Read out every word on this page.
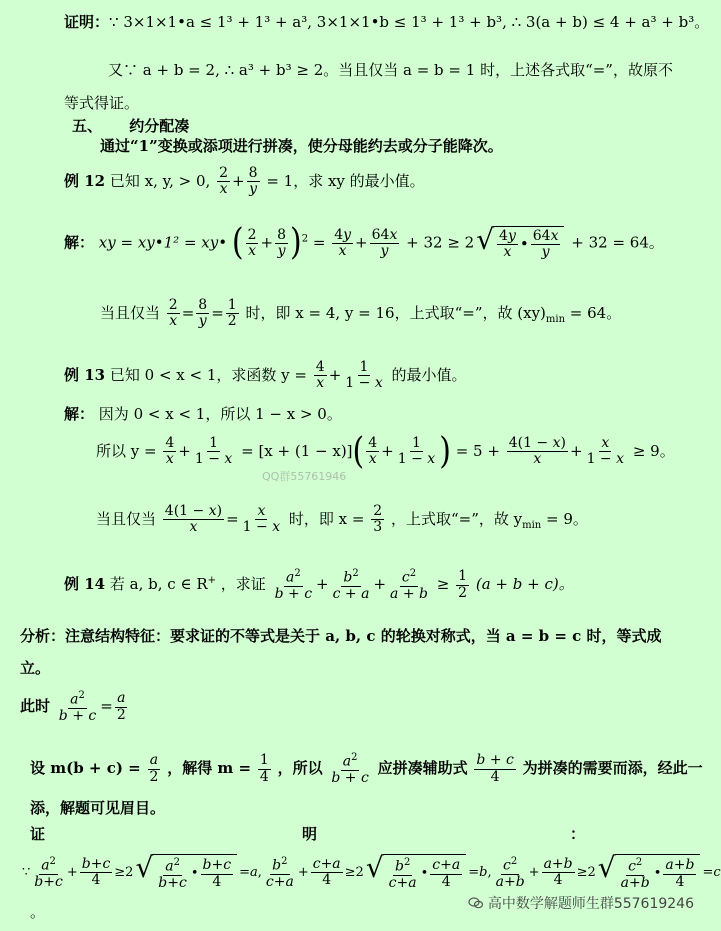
证明：∵ 3×1×1•a ≤ 1³ + 1³ + a³, 3×1×1•b ≤ 1³ + 1³ + b³, ∴ 3(a + b) ≤ 4 + a³ + b³。
又∵ a + b = 2, ∴ a³ + b³ ≥ 2。当且仅当 a = b = 1 时，上述各式取“=”，故原不
等式得证。
五、 约分配凑
通过“1”变换或添项进行拼凑，使分母能约去或分子能降次。
例 12 已知 x, y, > 0, $\frac{2}{x} + \frac{8}{y} = 1$，求 xy 的最小值。
解： xy = xy•1² = xy• ( $\frac{2}{x} + \frac{8}{y} )^2 = \frac{4y}{x} + \frac{64x}{y} + 32 \ge 2$ √ $\frac{4y}{x}$ • $\frac{64x}{y} + 32 = 64$。
当且仅当 $\frac{2}{x} = \frac{8}{y} = \frac{1}{2}$ 时，即 x = 4, y = 16，上式取“=”，故 $(xy)_{min} = 64$。
例 13 已知 0 < x < 1，求函数 $y = \frac{4}{x} + \frac{1}{1 - x}$ 的最小值。
解： 因为 0 < x < 1，所以 1 − x > 0。
所以 $y = \frac{4}{x} + \frac{1}{1 - x} = [x + (1 - x)]( \frac{4}{x} + \frac{1}{1 - x}$ ) = $5 + \frac{4(1 - x)}{x} + \frac{x}{1 - x} \ge 9$。
QQ群55761946
当且仅当 $\frac{4(1 - x)}{x} = \frac{x}{1 - x}$ 时，即 $x = \frac{2}{3}$ ，上式取“=”，故 $y_{min} = 9$。
例 14 若 a, b, c ∈ R+ ，求证 $\frac{a^2}{b + c} + \frac{b^2}{c + a} + \frac{c^2}{a + b} \ge \frac{1}{2} (a + b + c)$。
分析：注意结构特征：要求证的不等式是关于 a, b, c 的轮换对称式，当 a = b = c 时，等式成
立。
此时 $\frac{a^2}{b + c} = \frac{a}{2}$
设 $m(b + c) = \frac{a}{2}$ ，解得 $m = \frac{1}{4}$ ，所以 $\frac{a^2}{b + c}$ 应拼凑辅助式 $\frac{b + c}{4}$ 为拼凑的需要而添，经此一
添，解题可见眉目。
证	明	：
∵ $\frac{a^2}{b+c} + \frac{b+c}{4} \ge 2$ √ $\frac{a^2}{b+c}$ • $\frac{b+c}{4} =a$, $\frac{b^2}{c+a} + \frac{c+a}{4} \ge 2$ √ $\frac{b^2}{c+a}$ • $\frac{c+a}{4} =b$, $\frac{c^2}{a+b} + \frac{a+b}{4} \ge 2$ √ $\frac{c^2}{a+b}$ • $\frac{a+b}{4} =c$
。	高中数学解题师生群557619246
